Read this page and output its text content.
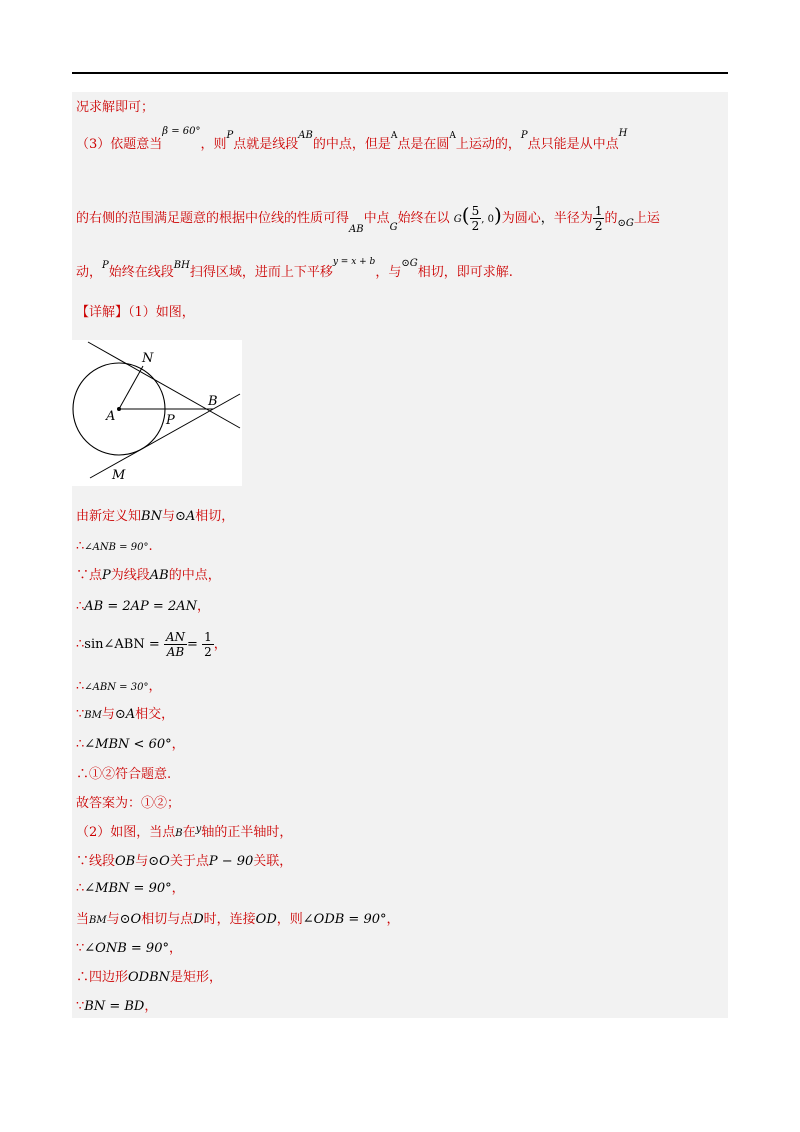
况求解即可；
（3）依题意当$^{\beta = 60^\circ}$，则$^P$点就是线段$^{AB}$的中点，但是$^A$点是在圆$^A$上运动的，$^P$点只能是从中点$^H$
的右侧的范围满足题意的根据中位线的性质可得$_{AB}$中点$_G$始终在以 $G( \frac{5}{2}$ , 0)为圆心，半径为 $\frac{1}{2}$ 的$_{⊙G}$上运
动，$^P$始终在线段$^{BH}$扫得区域，进而上下平移$^{y = x + b}$，与$^{⊙G}$相切，即可求解.
【详解】（1）如图，
N
A	P
B
M
由新定义知BN与⊙A相切，
∴∠ANB = 90°.
∵点P为线段AB的中点，
∴AB = 2AP = 2AN，
∴sin∠ABN = $\frac{AN}{AB} = \frac{1}{2}$ ，
∴∠ABN = 30°，
∵BM与⊙A相交，
∴∠MBN < 60°，
∴①②符合题意.
故答案为：①②；
（2）如图，当点B在$^y$轴的正半轴时，
∵线段OB与⊙O关于点P − 90关联，
∴∠MBN = 90°，
当BM与⊙O相切与点D时，连接OD，则∠ODB = 90°，
∵∠ONB = 90°，
∴四边形ODBN是矩形，
∵BN = BD，
